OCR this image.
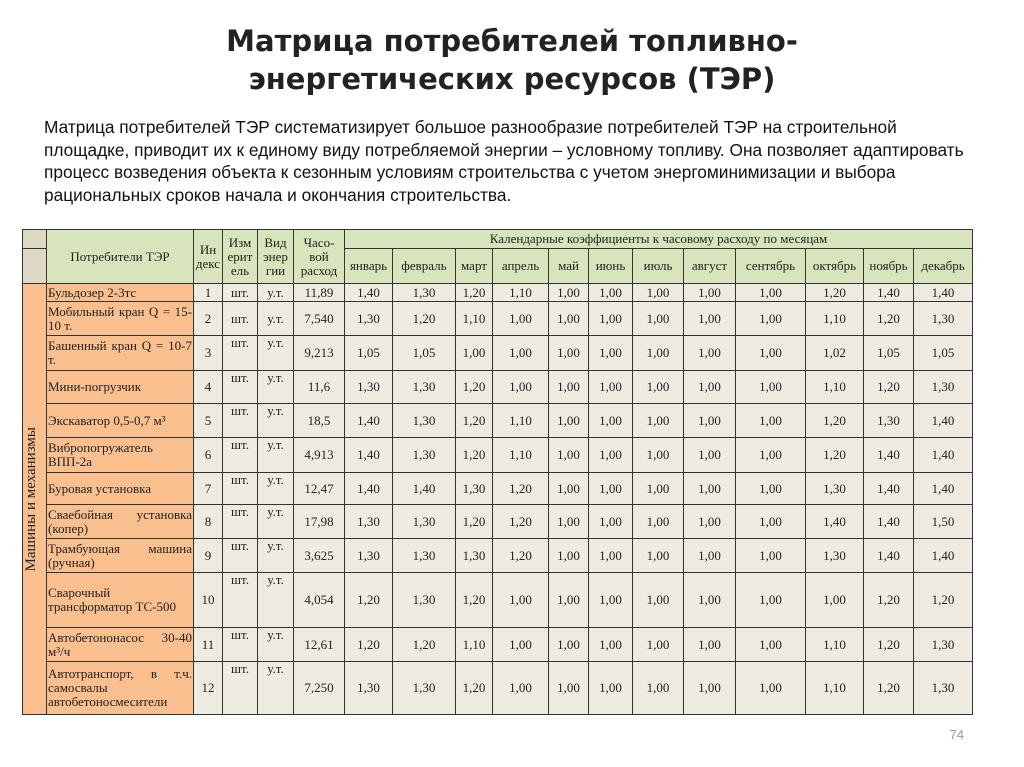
Матрица потребителей топливно-
энергетических ресурсов (ТЭР)
Матрица потребителей ТЭР систематизирует большое разнообразие потребителей ТЭР на строительной площадке, приводит их к единому виду потребляемой энергии – условному топливу. Она позволяет адаптировать процесс возведения объекта к сезонным условиям строительства с учетом энергоминимизации и выбора рациональных сроков начала и окончания строительства.
	Потребители ТЭР	Ин декс	Изм ерит ель	Вид энер гии	Часо-вой расход	Календарные коэффициенты к часовому расходу по месяцам											
						январь	февраль	март	апрель	май	июнь	июль	август	сентябрь	октябрь	ноябрь	декабрь

Машины и механизмы	Бульдозер 2-3тс	1	шт.	у.т.	11,89	1,40	1,30	1,20	1,10	1,00	1,00	1,00	1,00	1,00	1,20	1,40	1,40
	Мобильный кран Q = 15-10 т.	2	шт.	у.т.	7,540	1,30	1,20	1,10	1,00	1,00	1,00	1,00	1,00	1,00	1,10	1,20	1,30
	Башенный кран Q = 10-7 т.	3	шт.	у.т.	9,213	1,05	1,05	1,00	1,00	1,00	1,00	1,00	1,00	1,00	1,02	1,05	1,05
	Мини-погрузчик	4	шт.	у.т.	11,6	1,30	1,30	1,20	1,00	1,00	1,00	1,00	1,00	1,00	1,10	1,20	1,30
	Экскаватор 0,5-0,7 м³	5	шт.	у.т.	18,5	1,40	1,30	1,20	1,10	1,00	1,00	1,00	1,00	1,00	1,20	1,30	1,40
	Вибропогружатель ВПП-2а	6	шт.	у.т.	4,913	1,40	1,30	1,20	1,10	1,00	1,00	1,00	1,00	1,00	1,20	1,40	1,40
	Буровая установка	7	шт.	у.т.	12,47	1,40	1,40	1,30	1,20	1,00	1,00	1,00	1,00	1,00	1,30	1,40	1,40
	Сваебойная установка (копер)	8	шт.	у.т.	17,98	1,30	1,30	1,20	1,20	1,00	1,00	1,00	1,00	1,00	1,40	1,40	1,50
	Трамбующая машина (ручная)	9	шт.	у.т.	3,625	1,30	1,30	1,30	1,20	1,00	1,00	1,00	1,00	1,00	1,30	1,40	1,40
	Сварочный трансформатор ТС-500	10	шт.	у.т.	4,054	1,20	1,30	1,20	1,00	1,00	1,00	1,00	1,00	1,00	1,00	1,20	1,20
	Автобетононасос 30-40 м³/ч	11	шт.	у.т.	12,61	1,20	1,20	1,10	1,00	1,00	1,00	1,00	1,00	1,00	1,10	1,20	1,30
	Автотранспорт, в т.ч. самосвалы автобетоносмесители	12	шт.	у.т.	7,250	1,30	1,30	1,20	1,00	1,00	1,00	1,00	1,00	1,00	1,10	1,20	1,30
74
